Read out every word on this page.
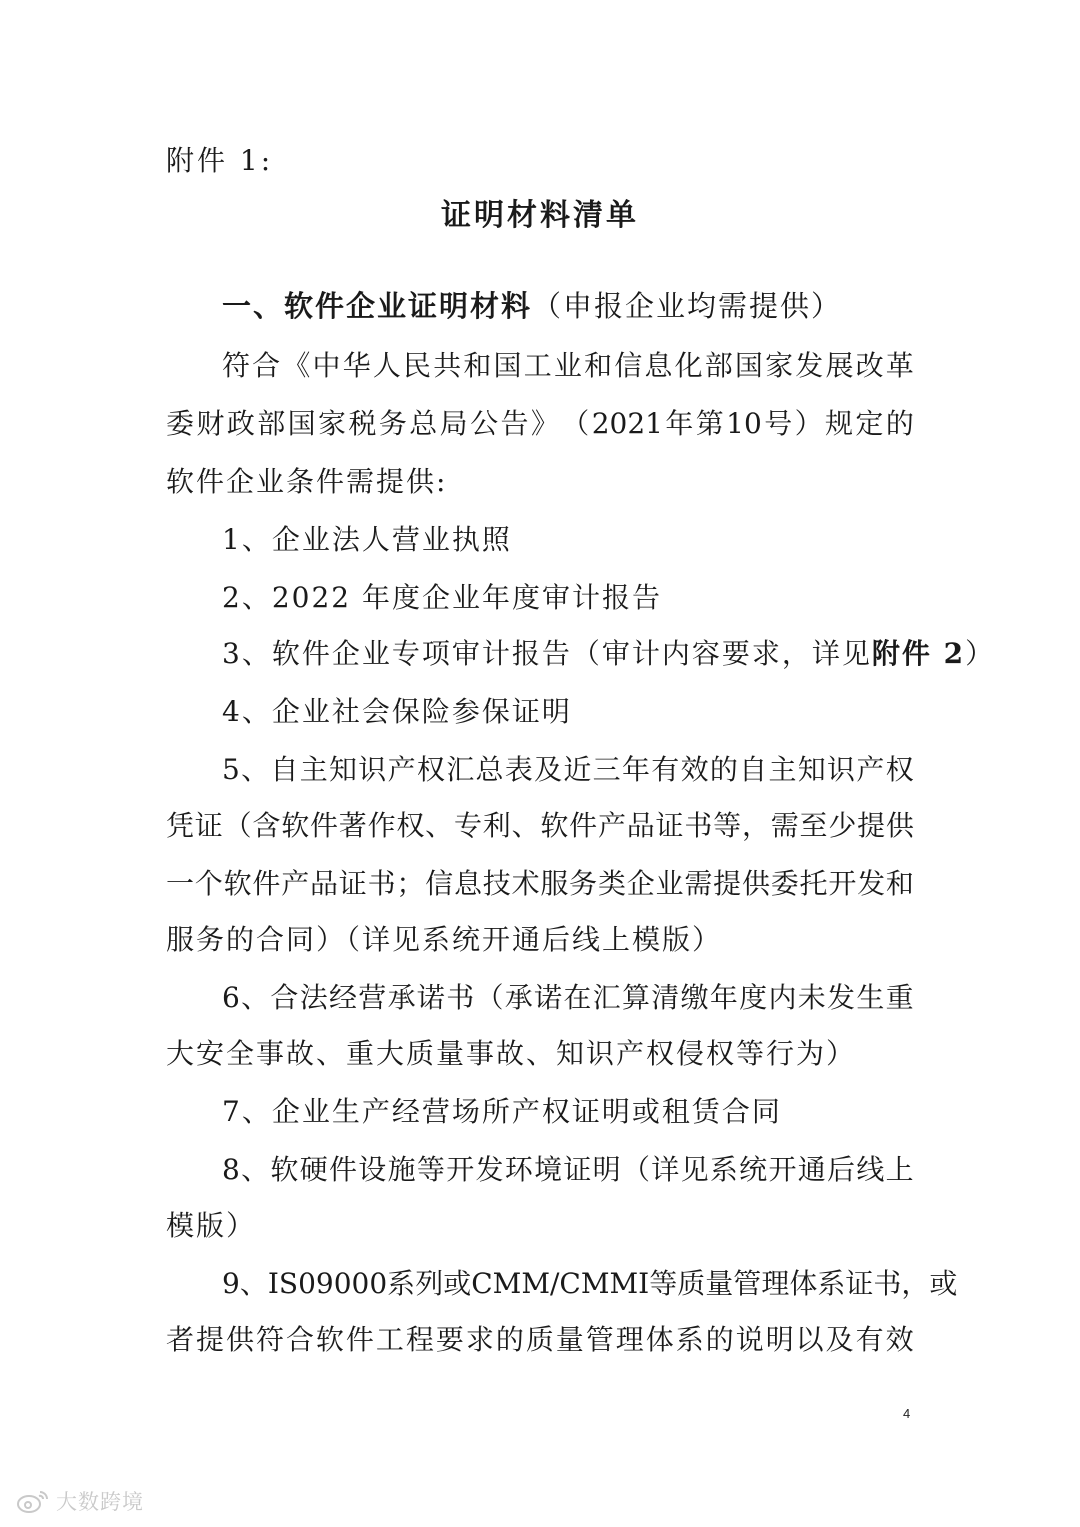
附件 1:
证明材料清单
一、软件企业证明材料（申报企业均需提供）
符 合 《 中 华 人 民 共 和 国 工 业 和 信 息 化 部 国 家 发 展 改 革
委 财 政 部 国 家 税 务 总 局 公 告 》 （ 2021 年 第 10 号 ） 规 定 的
软件企业条件需提供:
1、企业法人营业执照
2、2022 年度企业年度审计报告
3、软件企业专项审计报告（审计内容要求，详见附件 2）
4、企业社会保险参保证明
5 、 自 主 知 识 产 权 汇 总 表 及 近 三 年 有 效 的 自 主 知 识 产 权
凭 证 （ 含 软 件 著 作 权 、 专 利 、 软 件 产 品 证 书 等 ， 需 至 少 提 供
一 个 软 件 产 品 证 书 ； 信 息 技 术 服 务 类 企 业 需 提 供 委 托 开 发 和
服务的合同）（详见系统开通后线上模版）
6 、 合 法 经 营 承 诺 书 （ 承 诺 在 汇 算 清 缴 年 度 内 未 发 生 重
大安全事故、重大质量事故、知识产权侵权等行为）
7、企业生产经营场所产权证明或租赁合同
8 、 软 硬 件 设 施 等 开 发 环 境 证 明 （ 详 见 系 统 开 通 后 线 上
模版）
9 、 IS09000 系 列 或 CMM/CMMI 等 质 量 管 理 体 系 证 书 ， 或
者 提 供 符 合 软 件 工 程 要 求 的 质 量 管 理 体 系 的 说 明 以 及 有 效
4
大数跨境
